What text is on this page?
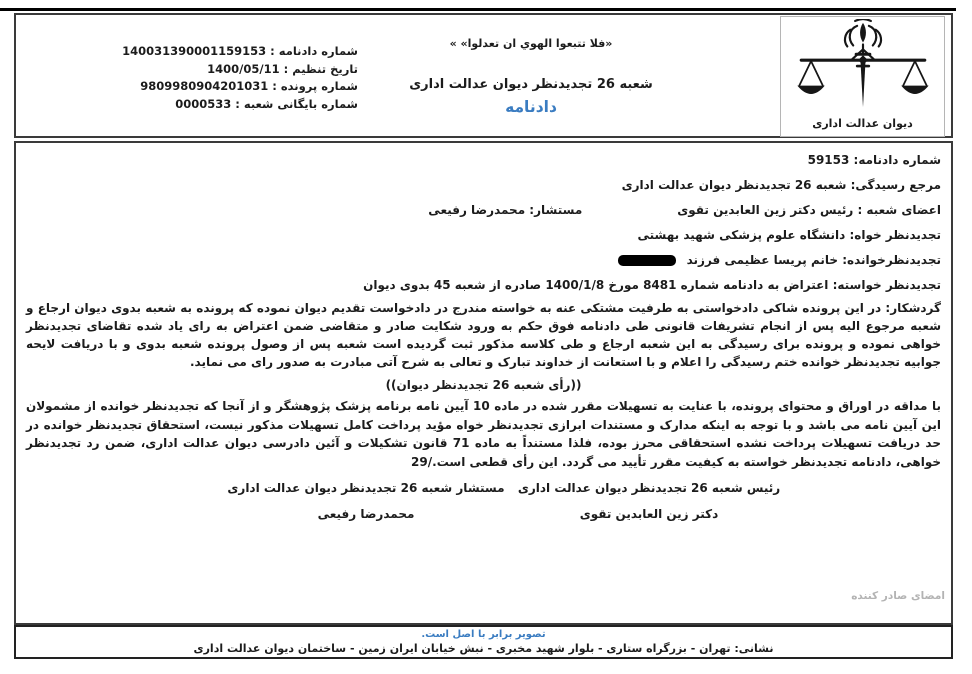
شماره دادنامه : 140031390001159153
تاریخ تنظیم : 1400/05/11
شماره پرونده : 9809980904201031
شماره بایگانی شعبه : 0000533
«فلا تتبعوا الهوي ان تعدلوا» »
شعبه 26 تجدیدنظر دیوان عدالت اداری
دادنامه
دیوان عدالت اداری
شماره دادنامه: 59153
مرجع رسیدگی: شعبه 26 تجدیدنظر دیوان عدالت اداری
اعضای شعبه : رئیس دکتر زین العابدین تقوی
مستشار: محمدرضا رفیعی
تجدیدنظر خواه: دانشگاه علوم پزشکی شهید بهشتی
تجدیدنظرخوانده: خانم پریسا عظیمی فرزند
تجدیدنظر خواسته: اعتراض به دادنامه شماره 8481 مورخ 1400/1/8 صادره از شعبه 45 بدوی دیوان
گردشکار: در این پرونده شاکی دادخواستی به طرفیت مشتکی عنه به خواسته مندرج در دادخواست تقدیم دیوان نموده که پرونده به شعبه بدوی دیوان ارجاع و شعبه مرجوع الیه پس از انجام تشریفات قانونی طی دادنامه فوق حکم به ورود شکایت صادر و متقاضی ضمن اعتراض به رای یاد شده تقاضای تجدیدنظر خواهی نموده و پرونده برای رسیدگی به این شعبه ارجاع و طی کلاسه مذکور ثبت گردیده است شعبه پس از وصول پرونده شعبه بدوی و با دریافت لایحه جوابیه تجدیدنظر خوانده ختم رسیدگی را اعلام و با استعانت از خداوند تبارک و تعالی به شرح آتی مبادرت به صدور رای می نماید.
((رأی شعبه 26 تجدیدنظر دیوان))
با مداقه در اوراق و محتوای پرونده، با عنایت به تسهیلات مقرر شده در ماده 10 آیین نامه برنامه پزشک پژوهشگر و از آنجا که تجدیدنظر خوانده از مشمولان این آیین نامه می باشد و با توجه به اینکه مدارک و مستندات ابرازی تجدیدنظر خواه مؤید پرداخت کامل تسهیلات مذکور نیست، استحقاق تجدیدنظر خوانده در حد دریافت تسهیلات پرداخت نشده استحقاقی محرز بوده، فلذا مستنداً به ماده 71 قانون تشکیلات و آئین دادرسی دیوان عدالت اداری، ضمن رد تجدیدنظر خواهی، دادنامه تجدیدنظر خواسته به کیفیت مقرر تأیید می گردد. این رأی قطعی است./29
رئیس شعبه 26 تجدیدنظر دیوان عدالت اداری
دکتر زین العابدین تقوی
مستشار شعبه 26 تجدیدنظر دیوان عدالت اداری
محمدرضا رفیعی
امضای صادر کننده
تصویر برابر با اصل است.
نشانی: تهران - بزرگراه ستاری - بلوار شهید مخبری - نبش خیابان ایران زمین - ساختمان دیوان عدالت اداری
